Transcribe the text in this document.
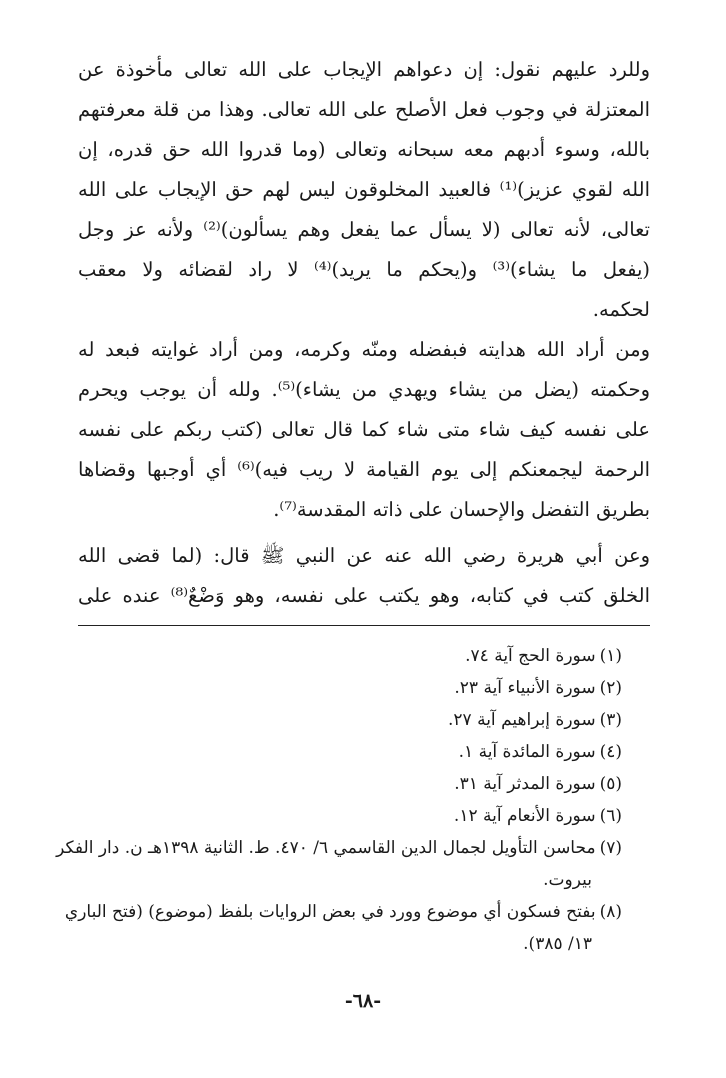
وللرد عليهم نقول: إن دعواهم الإيجاب على الله تعالى مأخوذة عن
المعتزلة في وجوب فعل الأصلح على الله تعالى. وهذا من قلة معرفتهم
بالله، وسوء أدبهم معه سبحانه وتعالى (وما قدروا الله حق قدره، إن
الله لقوي عزيز)⁽¹⁾ فالعبيد المخلوقون ليس لهم حق الإيجاب على الله
تعالى، لأنه تعالى (لا يسأل عما يفعل وهم يسألون)⁽²⁾ ولأنه عز وجل
(يفعل ما يشاء)⁽³⁾ و(يحكم ما يريد)⁽⁴⁾ لا راد لقضائه ولا معقب
لحكمه.
ومن أراد الله هدايته فبفضله ومنّه وكرمه، ومن أراد غوايته فبعد له
وحكمته (يضل من يشاء ويهدي من يشاء)⁽⁵⁾. ولله أن يوجب ويحرم
على نفسه كيف شاء متى شاء كما قال تعالى (كتب ربكم على نفسه
الرحمة ليجمعنكم إلى يوم القيامة لا ريب فيه)⁽⁶⁾ أي أوجبها وقضاها
بطريق التفضل والإحسان على ذاته المقدسة⁽⁷⁾.
وعن أبي هريرة رضي الله عنه عن النبي ﷺ قال: (لما قضى الله
الخلق كتب في كتابه، وهو يكتب على نفسه، وهو وَضْعٌ⁽⁸⁾ عنده على
(١)سورة الحج آية ٧٤.
(٢)سورة الأنبياء آية ٢٣.
(٣)سورة إبراهيم آية ٢٧.
(٤)سورة المائدة آية ١.
(٥)سورة المدثر آية ٣١.
(٦)سورة الأنعام آية ١٢.
(٧)محاسن التأويل لجمال الدين القاسمي ٦/ ٤٧٠. ط. الثانية ١٣٩٨هـ ن. دار الفكر
بيروت.
(٨)بفتح فسكون أي موضوع وورد في بعض الروايات بلفظ (موضوع) (فتح الباري
١٣/ ٣٨٥).
-٦٨-
